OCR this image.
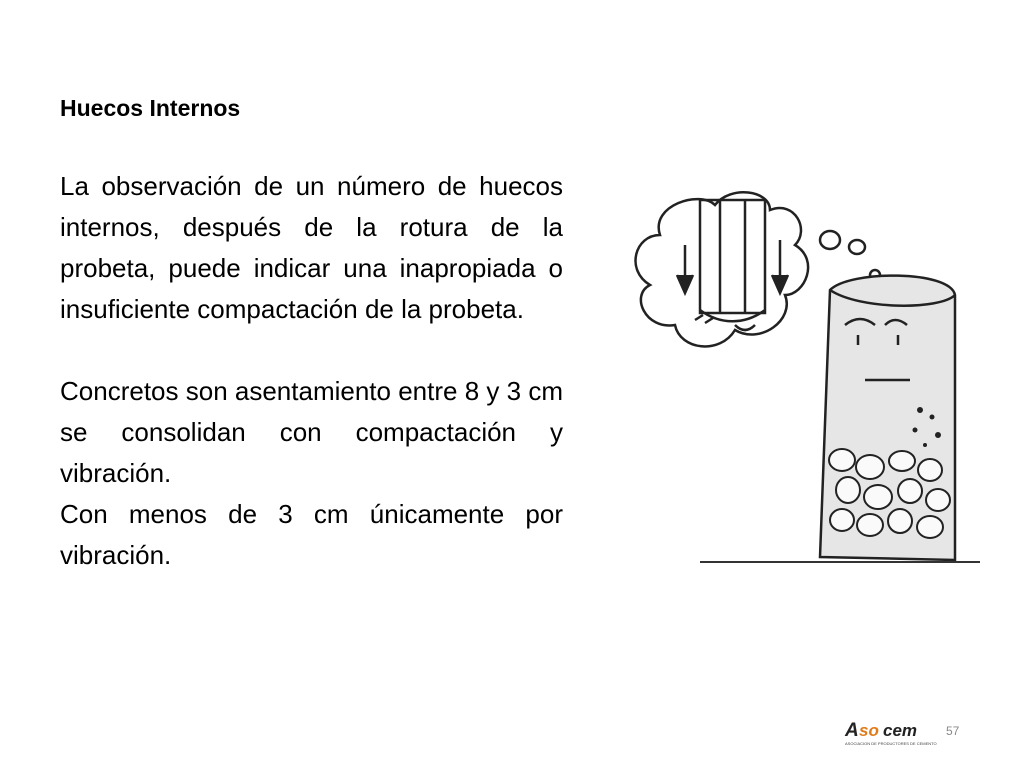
Huecos Internos

La observación de un número de huecos internos, después de la rotura de la probeta, puede indicar una inapropiada o insuficiente compactación de la probeta.

Concretos son asentamiento entre 8 y 3 cm se consolidan con compactación y vibración.

Con menos de 3 cm únicamente por vibración.

A so cem
ASOCIACION DE PRODUCTORES DE CEMENTO
57
